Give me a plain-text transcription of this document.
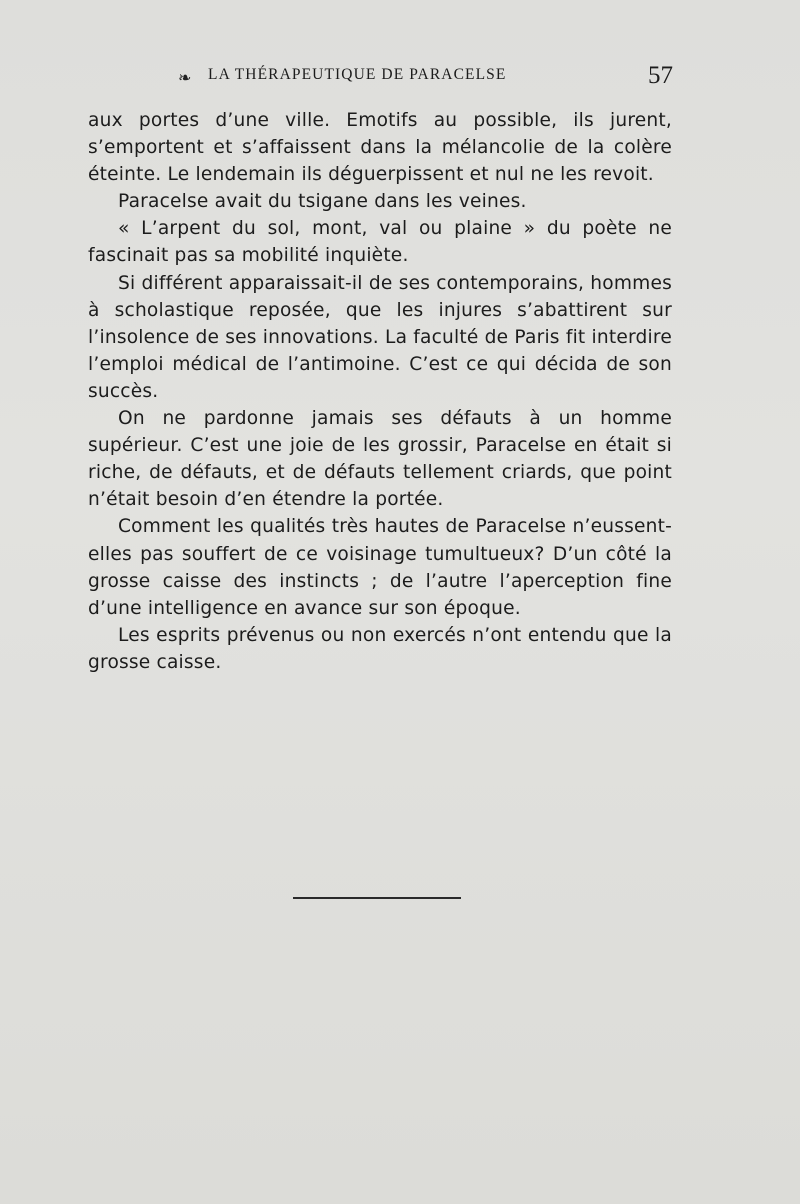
❧ LA THÉRAPEUTIQUE DE PARACELSE	57

aux portes d’une ville. Emotifs au possible, ils jurent, s’emportent et s’affaissent dans la mélancolie de la colère éteinte. Le lendemain ils déguerpissent et nul ne les revoit.

Paracelse avait du tsigane dans les veines.

« L’arpent du sol, mont, val ou plaine » du poète ne fascinait pas sa mobilité inquiète.

Si différent apparaissait-il de ses contemporains, hommes à scholastique reposée, que les injures s’abattirent sur l’insolence de ses innovations. La faculté de Paris fit interdire l’emploi médical de l’antimoine. C’est ce qui décida de son succès.

On ne pardonne jamais ses défauts à un homme supérieur. C’est une joie de les grossir, Paracelse en était si riche, de défauts, et de défauts tellement criards, que point n’était besoin d’en étendre la portée.

Comment les qualités très hautes de Paracelse n’eussent-elles pas souffert de ce voisinage tumultueux? D’un côté la grosse caisse des instincts ; de l’autre l’aperception fine d’une intelligence en avance sur son époque.

Les esprits prévenus ou non exercés n’ont entendu que la grosse caisse.
